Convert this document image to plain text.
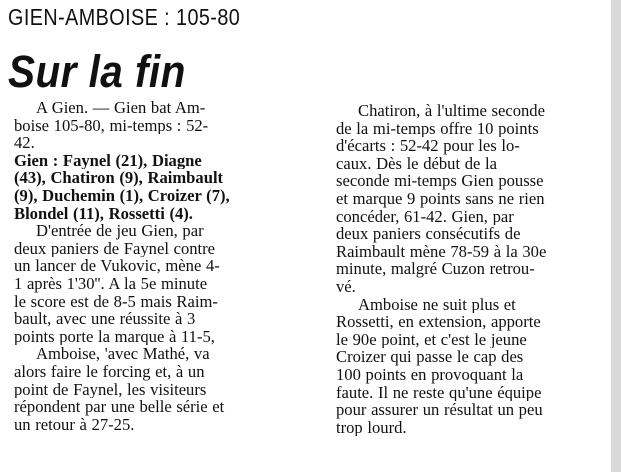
GIEN-AMBOISE : 105-80
Sur la fin
A Gien. — Gien bat Am-
boise 105-80, mi-temps : 52-
42.
Gien : Faynel (21), Diagne
(43), Chatiron (9), Raimbault
(9), Duchemin (1), Croizer (7),
Blondel (11), Rossetti (4).
D'entrée de jeu Gien, par
deux paniers de Faynel contre
un lancer de Vukovic, mène 4-
1 après 1'30''. A la 5e minute
le score est de 8-5 mais Raim-
bault, avec une réussite à 3
points porte la marque à 11-5,
Amboise, 'avec Mathé, va
alors faire le forcing et, à un
point de Faynel, les visiteurs
répondent par une belle série et
un retour à 27-25.
Chatiron, à l'ultime seconde
de la mi-temps offre 10 points
d'écarts : 52-42 pour les lo-
caux. Dès le début de la
seconde mi-temps Gien pousse
et marque 9 points sans ne rien
concéder, 61-42. Gien, par
deux paniers consécutifs de
Raimbault mène 78-59 à la 30e
minute, malgré Cuzon retrou-
vé.
Amboise ne suit plus et
Rossetti, en extension, apporte
le 90e point, et c'est le jeune
Croizer qui passe le cap des
100 points en provoquant la
faute. Il ne reste qu'une équipe
pour assurer un résultat un peu
trop lourd.
